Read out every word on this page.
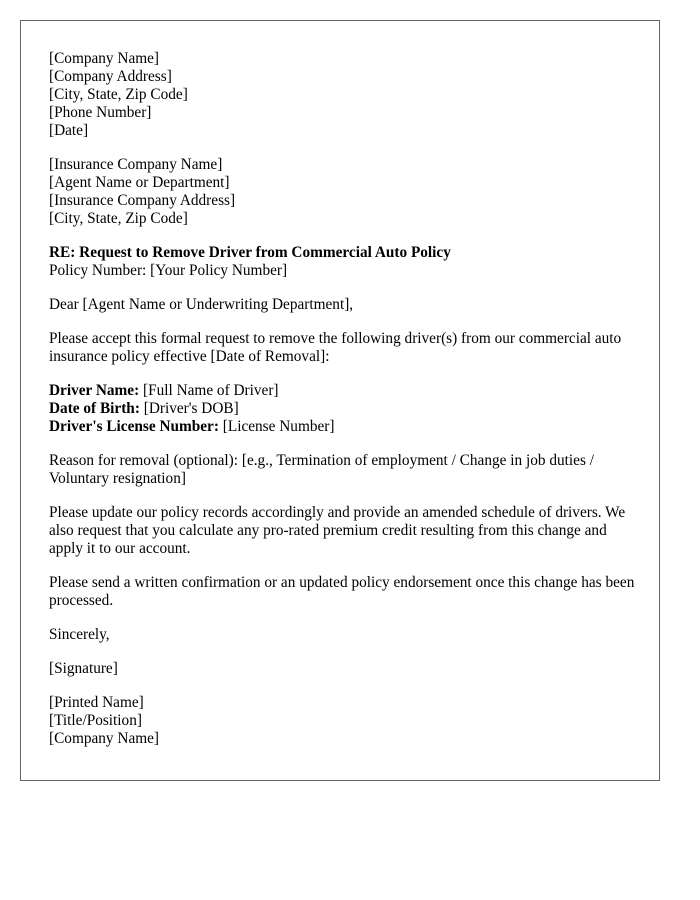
[Company Name]
[Company Address]
[City, State, Zip Code]
[Phone Number]
[Date]
[Insurance Company Name]
[Agent Name or Department]
[Insurance Company Address]
[City, State, Zip Code]
RE: Request to Remove Driver from Commercial Auto Policy
Policy Number: [Your Policy Number]

Dear [Agent Name or Underwriting Department],

Please accept this formal request to remove the following driver(s) from our commercial auto insurance policy effective [Date of Removal]:

Driver Name: [Full Name of Driver]
Date of Birth: [Driver's DOB]
Driver's License Number: [License Number]

Reason for removal (optional): [e.g., Termination of employment / Change in job duties / Voluntary resignation]

Please update our policy records accordingly and provide an amended schedule of drivers. We also request that you calculate any pro-rated premium credit resulting from this change and apply it to our account.

Please send a written confirmation or an updated policy endorsement once this change has been processed.

Sincerely,

[Signature]

[Printed Name]
[Title/Position]
[Company Name]
